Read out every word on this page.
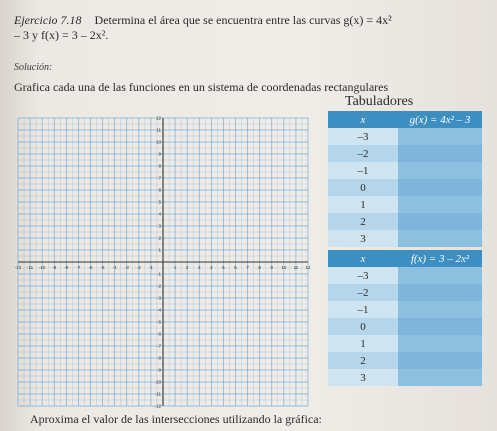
Ejercicio 7.18 Determina el área que se encuentra entre las curvas g(x) = 4x²
– 3 y f(x) = 3 – 2x².
Solución:
Grafica cada una de las funciones en un sistema de coordenadas rectangulares
-12 -11 -10 -9 -8 -7 -6 -5 -4 -3 -2 -1	1 2 3 4 5 6 7 8 9 10 11 12
12
11
10
9
8
7
6
5
4
3
2
1
-1
-2
-3
-4
-5
-6
-7
-8
-9
-10
-11
-12
Tabuladores
x	g(x) = 4x² – 3
–3	
–2	
–1	
0	
1	
2	
3	
x	f(x) = 3 – 2x²
–3	
–2	
–1	
0	
1	
2	
3	
Aproxima el valor de las intersecciones utilizando la gráfica:
